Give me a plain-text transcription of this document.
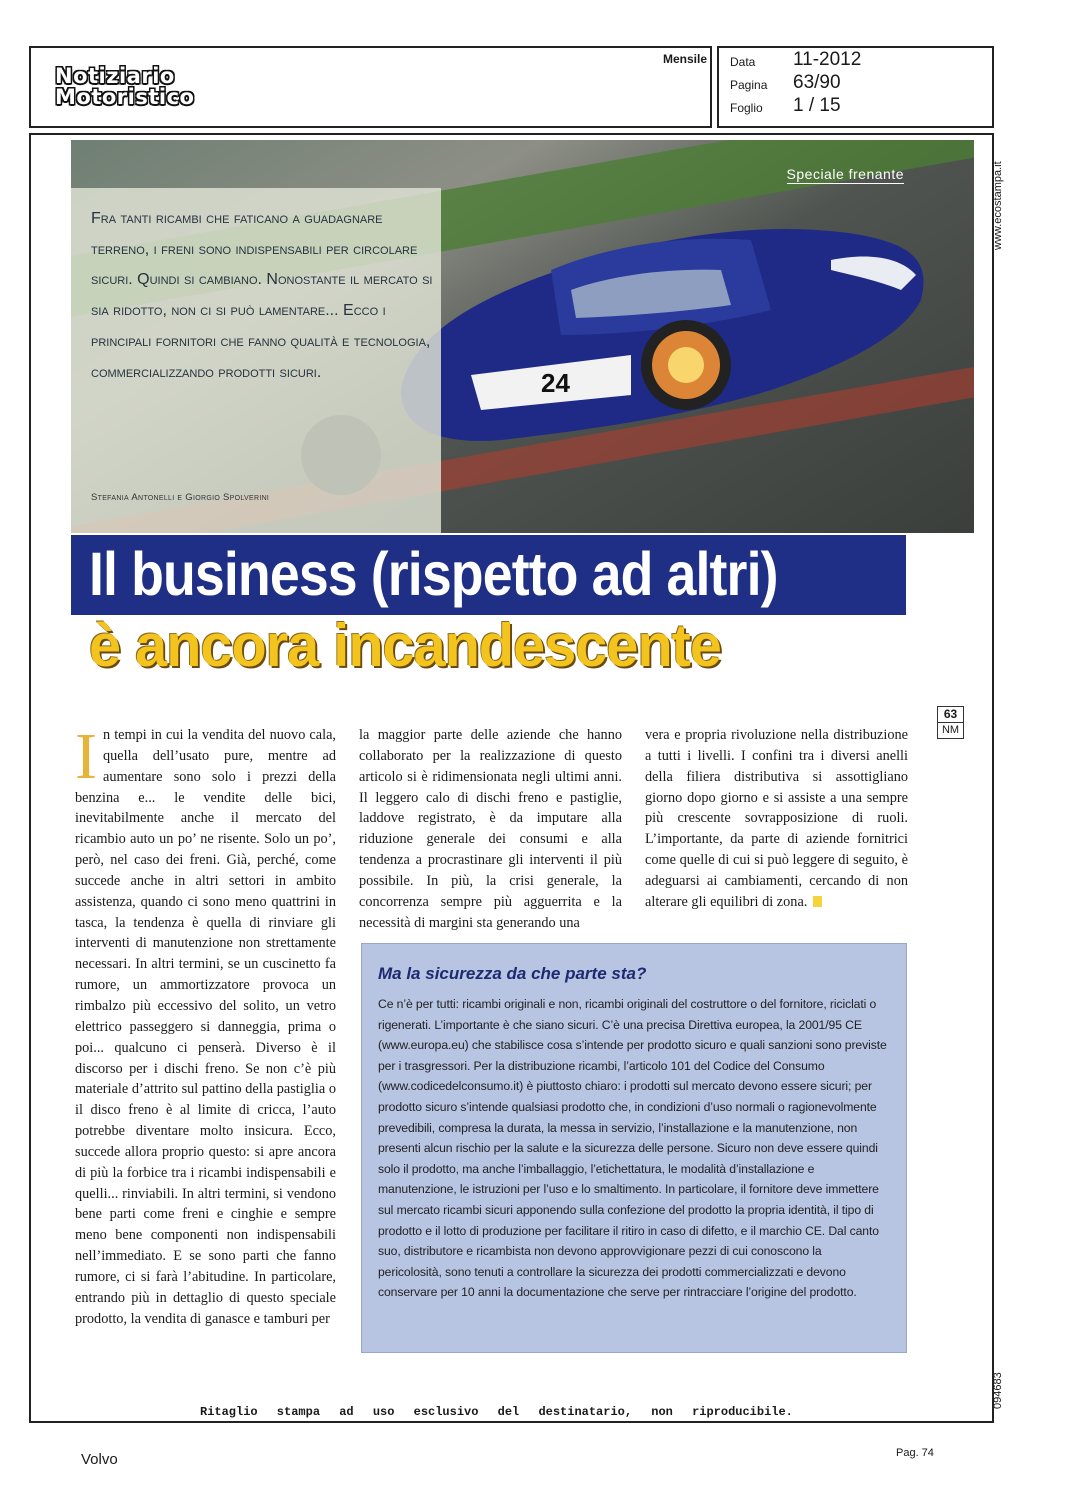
Notiziario
Motoristico
Mensile Data 11-2012
Pagina 63/90
Foglio 1 / 15
www.ecostampa.it
094683
24
Speciale frenante
Fra tanti ricambi che faticano a guadagnare terreno, i freni sono indispensabili per circolare sicuri. Quindi si cambiano. Nonostante il mercato si sia ridotto, non ci si può lamentare... Ecco i principali fornitori che fanno qualità e tecnologia, commercializzando prodotti sicuri.
Stefania Antonelli e Giorgio Spolverini
Il business (rispetto ad altri)
è ancora incandescente
63
NM
In tempi in cui la vendita del nuovo cala, quella dell’usato pure, mentre ad aumentare sono solo i prezzi della benzina e... le vendite delle bici, inevitabilmente anche il mercato del ricambio auto un po’ ne risente. Solo un po’, però, nel caso dei freni. Già, perché, come succede anche in altri settori in ambito assistenza, quando ci sono meno quattrini in tasca, la tendenza è quella di rinviare gli interventi di manutenzione non strettamente necessari. In altri termini, se un cuscinetto fa rumore, un ammortizzatore provoca un rimbalzo più eccessivo del solito, un vetro elettrico passeggero si danneggia, prima o poi... qualcuno ci penserà. Diverso è il discorso per i dischi freno. Se non c’è più materiale d’attrito sul pattino della pastiglia o il disco freno è al limite di cricca, l’auto potrebbe diventare molto insicura. Ecco, succede allora proprio questo: si apre ancora di più la forbice tra i ricambi indispensabili e quelli... rinviabili. In altri termini, si vendono bene parti come freni e cinghie e sempre meno bene componenti non indispensabili nell’immediato. E se sono parti che fanno rumore, ci si farà l’abitudine. In particolare, entrando più in dettaglio di questo speciale prodotto, la vendita di ganasce e tamburi per
la maggior parte delle aziende che hanno collaborato per la realizzazione di questo articolo si è ridimensionata negli ultimi anni. Il leggero calo di dischi freno e pastiglie, laddove registrato, è da imputare alla riduzione generale dei consumi e alla tendenza a procrastinare gli interventi il più possibile. In più, la crisi generale, la concorrenza sempre più agguerrita e la necessità di margini sta generando una
vera e propria rivoluzione nella distribuzione a tutti i livelli. I confini tra i diversi anelli della filiera distributiva si assottigliano giorno dopo giorno e si assiste a una sempre più crescente sovrapposizione di ruoli. L’importante, da parte di aziende fornitrici come quelle di cui si può leggere di seguito, è adeguarsi ai cambiamenti, cercando di non alterare gli equilibri di zona.
Ma la sicurezza da che parte sta?
Ce n’è per tutti: ricambi originali e non, ricambi originali del costruttore o del fornitore, riciclati o rigenerati. L’importante è che siano sicuri. C’è una precisa Direttiva europea, la 2001/95 CE (www.europa.eu) che stabilisce cosa s’intende per prodotto sicuro e quali sanzioni sono previste per i trasgressori. Per la distribuzione ricambi, l’articolo 101 del Codice del Consumo (www.codicedelconsumo.it) è piuttosto chiaro: i prodotti sul mercato devono essere sicuri; per prodotto sicuro s’intende qualsiasi prodotto che, in condizioni d’uso normali o ragionevolmente prevedibili, compresa la durata, la messa in servizio, l’installazione e la manutenzione, non presenti alcun rischio per la salute e la sicurezza delle persone. Sicuro non deve essere quindi solo il prodotto, ma anche l’imballaggio, l’etichettatura, le modalità d’installazione e manutenzione, le istruzioni per l’uso e lo smaltimento. In particolare, il fornitore deve immettere sul mercato ricambi sicuri apponendo sulla confezione del prodotto la propria identità, il tipo di prodotto e il lotto di produzione per facilitare il ritiro in caso di difetto, e il marchio CE. Dal canto suo, distributore e ricambista non devono approvvigionare pezzi di cui conoscono la pericolosità, sono tenuti a controllare la sicurezza dei prodotti commercializzati e devono conservare per 10 anni la documentazione che serve per rintracciare l’origine del prodotto.
Ritaglio stampa ad uso esclusivo del destinatario, non riproducibile.
Volvo	Pag. 74
